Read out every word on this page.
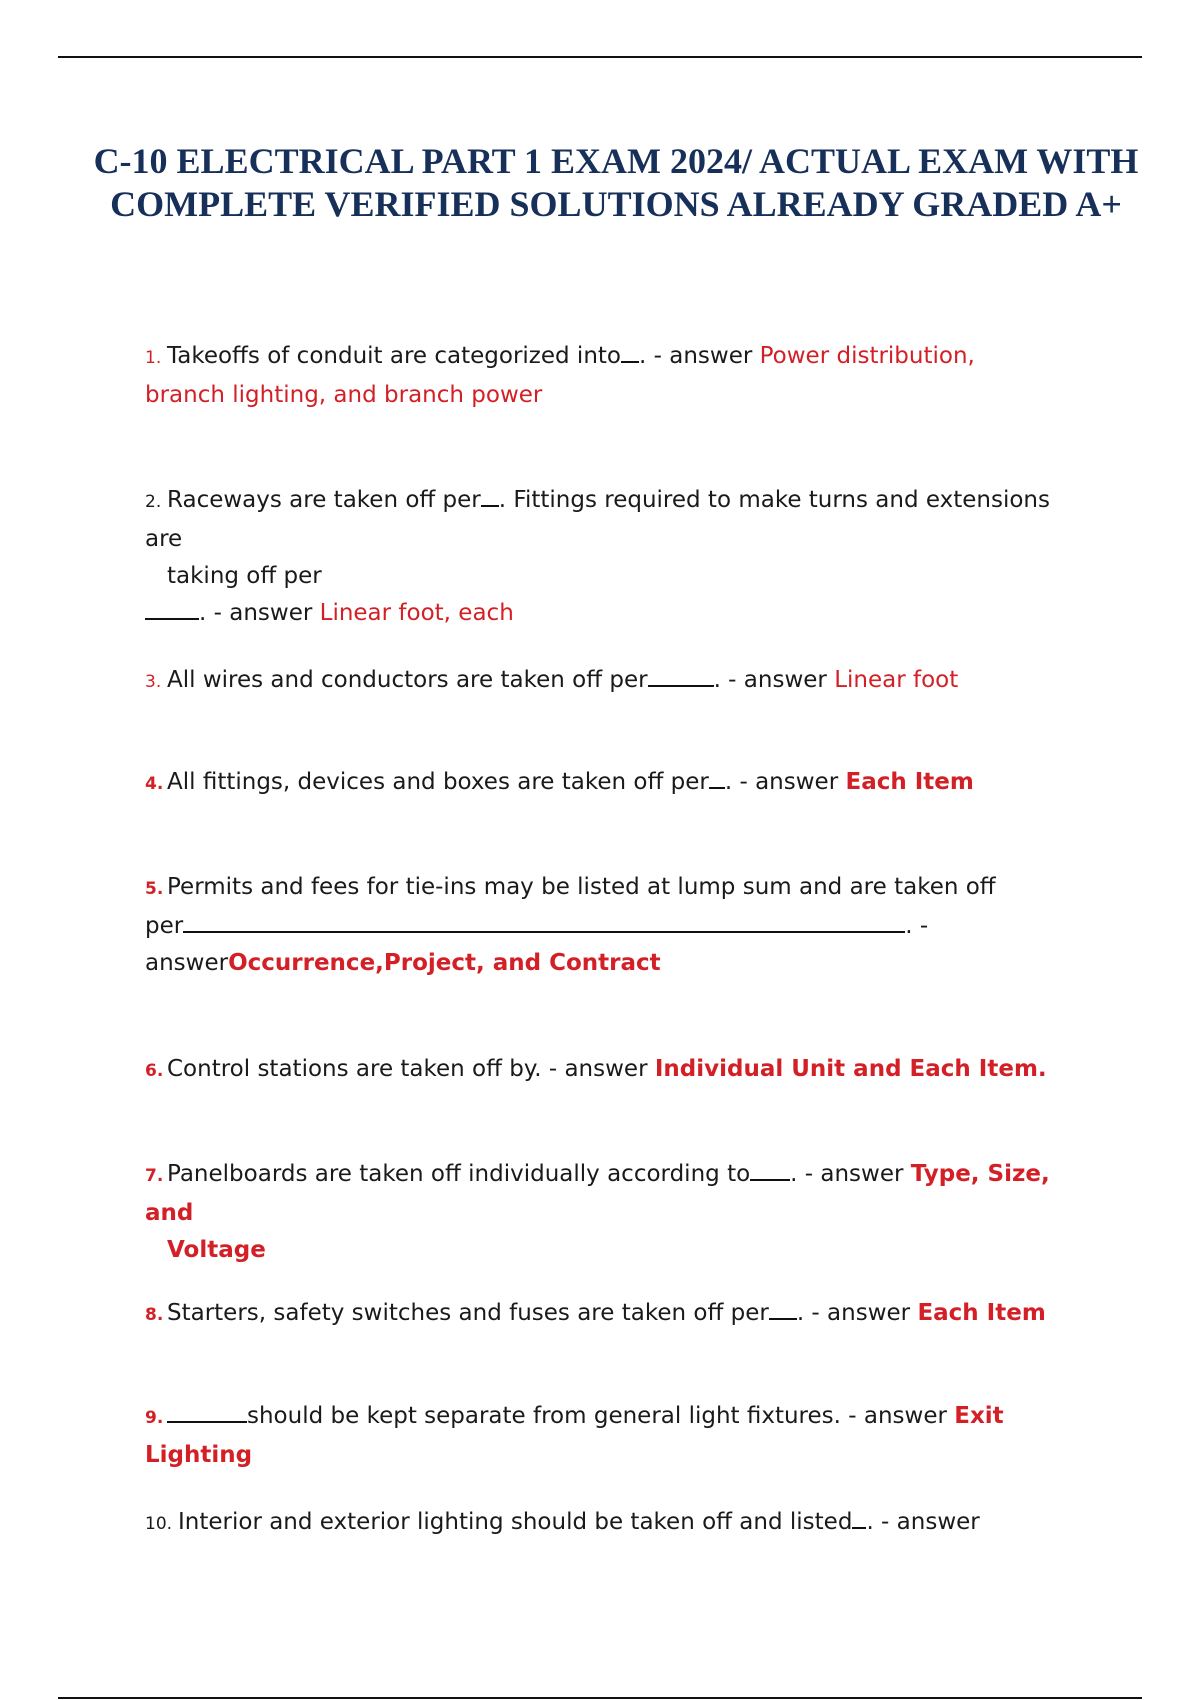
C-10 ELECTRICAL PART 1 EXAM 2024/ ACTUAL EXAM WITH COMPLETE VERIFIED SOLUTIONS ALREADY GRADED A+
1. Takeoffs of conduit are categorized into . - answer Power distribution,
branch lighting, and branch power
2. Raceways are taken off per . Fittings required to make turns and extensions are
taking off per
. - answer Linear foot, each
3. All wires and conductors are taken off per	. - answer Linear foot
4. All fittings, devices and boxes are taken off per . - answer Each Item
5. Permits and fees for tie-ins may be listed at lump sum and are taken off
per	. -
answerOccurrence,Project, and Contract
6. Control stations are taken off by. - answer Individual Unit and Each Item.
7. Panelboards are taken off individually according to . - answer Type, Size, and
Voltage
8. Starters, safety switches and fuses are taken off per . - answer Each Item
9.	should be kept separate from general light fixtures. - answer Exit Lighting
10. Interior and exterior lighting should be taken off and listed . - answer
